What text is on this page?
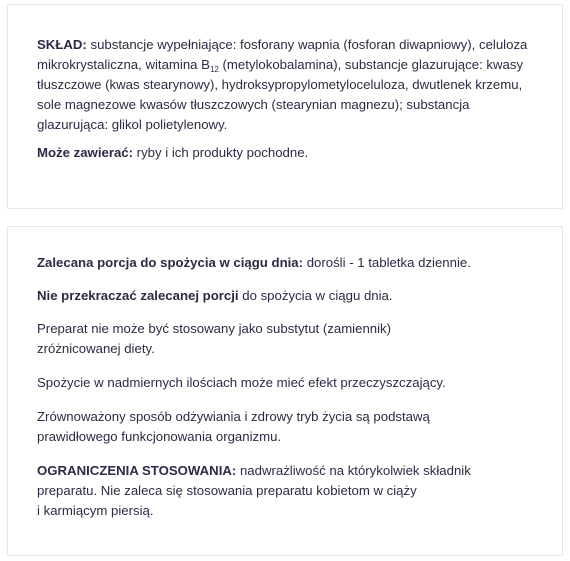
SKŁAD: substancje wypełniające: fosforany wapnia (fosforan diwapniowy), celuloza mikrokrystaliczna, witamina $B_{12}$ (metylokobalamina), substancje glazurujące: kwasy tłuszczowe (kwas stearynowy), hydroksypropylometyloceluloza, dwutlenek krzemu, sole magnezowe kwasów tłuszczowych (stearynian magnezu); substancja glazurująca: glikol polietylenowy.

Może zawierać: ryby i ich produkty pochodne.

Zalecana porcja do spożycia w ciągu dnia: dorośli - 1 tabletka dziennie.

Nie przekraczać zalecanej porcji do spożycia w ciągu dnia.

Preparat nie może być stosowany jako substytut (zamiennik)
zróżnicowanej diety.

Spożycie w nadmiernych ilościach może mieć efekt przeczyszczający.

Zrównoważony sposób odżywiania i zdrowy tryb życia są podstawą
prawidłowego funkcjonowania organizmu.

OGRANICZENIA STOSOWANIA: nadwrażliwość na którykolwiek składnik
preparatu. Nie zaleca się stosowania preparatu kobietom w ciąży
i karmiącym piersią.
